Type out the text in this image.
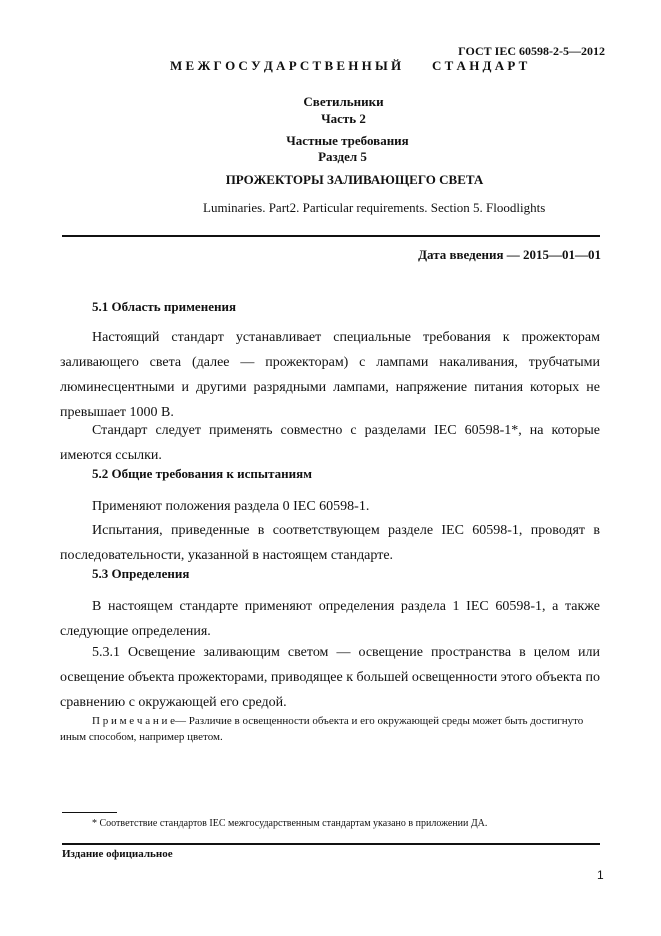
ГОСТ IEC 60598-2-5—2012
М Е Ж Г О С У Д А Р С Т В Е Н Н Ы Й С Т А Н Д А Р Т
Светильники
Часть 2
Частные требования
Раздел 5
ПРОЖЕКТОРЫ ЗАЛИВАЮЩЕГО СВЕТА
Luminaries. Part2. Particular requirements. Section 5. Floodlights
Дата введения — 2015—01—01
5.1 Область применения
Настоящий стандарт устанавливает специальные требования к прожекторам заливающего света (далее — прожекторам) с лампами накаливания, трубчатыми люминесцентными и другими разрядными лампами, напряжение питания которых не превышает 1000 В.
Стандарт следует применять совместно с разделами IEC 60598-1*, на которые имеются ссылки.
5.2 Общие требования к испытаниям
Применяют положения раздела 0 IEC 60598-1.
Испытания, приведенные в соответствующем разделе IEC 60598-1, проводят в последовательности, указанной в настоящем стандарте.
5.3 Определения
В настоящем стандарте применяют определения раздела 1 IEC 60598-1, а также следующие определения.
5.3.1 Освещение заливающим светом — освещение пространства в целом или освещение объекта прожекторами, приводящее к большей освещенности этого объекта по сравнению с окружающей его средой.
П р и м е ч а н и е— Различие в освещенности объекта и его окружающей среды может быть достигнуто иным способом, например цветом.
* Соответствие стандартов IEC межгосударственным стандартам указано в приложении ДА.
Издание официальное
1
